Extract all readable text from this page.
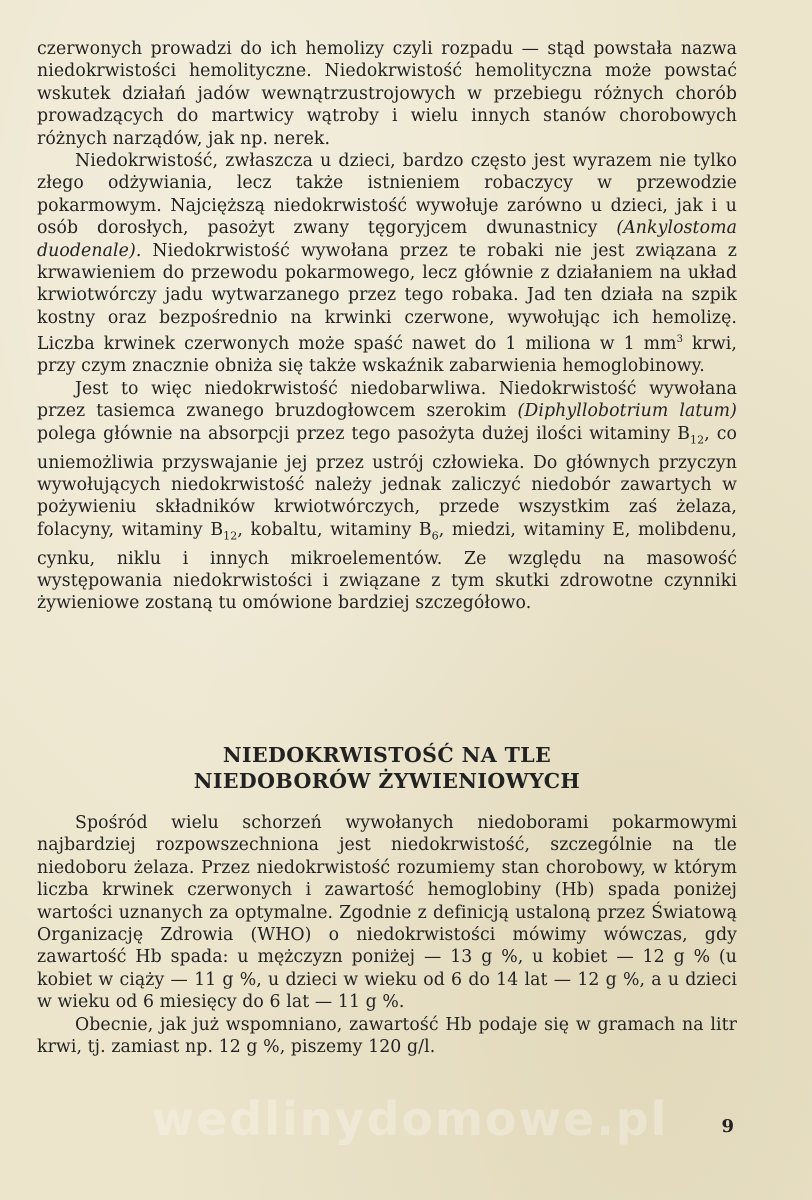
czerwonych prowadzi do ich hemolizy czyli rozpadu — stąd powstała nazwa niedokrwistości hemolityczne. Niedokrwistość hemolityczna może powstać wskutek działań jadów wewnątrzustrojowych w przebiegu różnych chorób prowadzących do martwicy wątroby i wielu innych stanów chorobowych różnych narządów, jak np. nerek.

Niedokrwistość, zwłaszcza u dzieci, bardzo często jest wyrazem nie tylko złego odżywiania, lecz także istnieniem robaczycy w przewodzie pokarmowym. Najcięższą niedokrwistość wywołuje zarówno u dzieci, jak i u osób dorosłych, pasożyt zwany tęgoryjcem dwunastnicy (Ankylostoma duodenale). Niedokrwistość wywołana przez te robaki nie jest związana z krwawieniem do przewodu pokarmowego, lecz głównie z działaniem na układ krwiotwórczy jadu wytwarzanego przez tego robaka. Jad ten działa na szpik kostny oraz bezpośrednio na krwinki czerwone, wywołując ich hemolizę. Liczba krwinek czerwonych może spaść nawet do 1 miliona w 1 $mm^3$ krwi, przy czym znacznie obniża się także wskaźnik zabarwienia hemoglobinowy.

Jest to więc niedokrwistość niedobarwliwa. Niedokrwistość wywołana przez tasiemca zwanego bruzdogłowcem szerokim (Diphyllobotrium latum) polega głównie na absorpcji przez tego pasożyta dużej ilości witaminy $B_{12}$, co uniemożliwia przyswajanie jej przez ustrój człowieka. Do głównych przyczyn wywołujących niedokrwistość należy jednak zaliczyć niedobór zawartych w pożywieniu składników krwiotwórczych, przede wszystkim zaś żelaza, folacyny, witaminy $B_{12}$, kobaltu, witaminy $B_6$, miedzi, witaminy E, molibdenu, cynku, niklu i innych mikroelementów. Ze względu na masowość występowania niedokrwistości i związane z tym skutki zdrowotne czynniki żywieniowe zostaną tu omówione bardziej szczegółowo.

NIEDOKRWISTOŚĆ NA TLE
NIEDOBORÓW ŻYWIENIOWYCH

Spośród wielu schorzeń wywołanych niedoborami pokarmowymi najbardziej rozpowszechniona jest niedokrwistość, szczególnie na tle niedoboru żelaza. Przez niedokrwistość rozumiemy stan chorobowy, w którym liczba krwinek czerwonych i zawartość hemoglobiny (Hb) spada poniżej wartości uznanych za optymalne. Zgodnie z definicją ustaloną przez Światową Organizację Zdrowia (WHO) o niedokrwistości mówimy wówczas, gdy zawartość Hb spada: u mężczyzn poniżej — 13 g %, u kobiet — 12 g % (u kobiet w ciąży — 11 g %, u dzieci w wieku od 6 do 14 lat — 12 g %, a u dzieci w wieku od 6 miesięcy do 6 lat — 11 g %.

Obecnie, jak już wspomniano, zawartość Hb podaje się w gramach na litr krwi, tj. zamiast np. 12 g %, piszemy 120 g/l.

wedlinydomowe.pl	9
